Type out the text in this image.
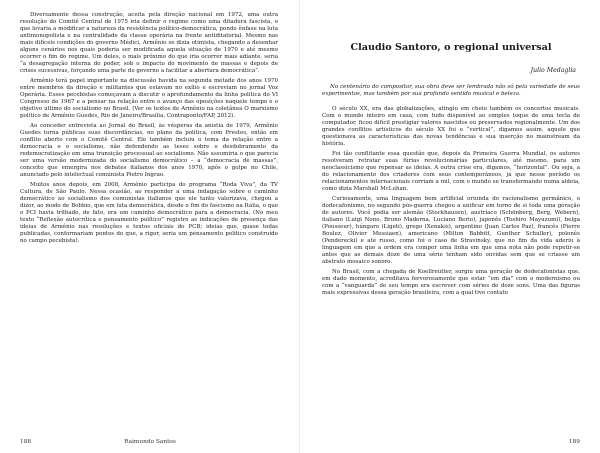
Diversamente dessa construção, aceita pela direção nacional em 1972, uma outra resolução do Comitê Central de 1975 iria definir o regime como uma ditadura fascista, o que levaria a modificar a natureza da resistência político-democrática, pondo ênfase na luta antimonopolista e na centralidade da classe operária na frente antiditatorial. Mesmo nas mais difíceis condições do governo Médici, Armênio se dizia otimista, chegando a desenhar alguns cenários nos quais poderia ser modificada aquela situação de 1970 e até mesmo ocorrer o fim do regime. Um deles, o mais próximo do que iria ocorrer mais adiante, seria “a desagregação interna do poder, sob o impacto do movimento de massas e depois de crises sucessivas, forçando uma parte do governo a facilitar a abertura democrática”.

Armênio terá papel importante na discussão havida na segunda metade dos anos 1970 entre membros da direção e militantes que estavam no exílio e escreviam no jornal Voz Operária. Esses pecebistas começavam a discutir o aprofundamento da linha política do VI Congresso de 1967 e a pensar na relação entre o avanço das oposições naquele tempo e o objetivo último do socialismo no Brasil. (Ver os textos de Armênio na coletânea O marxismo político de Armênio Guedes, Rio de Janeiro/Brasília, Contraponto/FAP, 2012).

Ao conceder entrevista ao Jornal do Brasil, às vésperas da anistia de 1979, Armênio Guedes torna públicas suas discordâncias, no plano da política, com Prestes, então em conflito aberto com o Comitê Central. Ele também incluiu o tema da relação entre a democracia e o socialismo, não defendendo as teses sobre o desdobramento da redemocratização em uma transição processual ao socialismo. Não assumiria o que parecia ser uma versão modernizada do socialismo democrático – a “democracia de massas”, conceito que emergira nos debates italianos dos anos 1970, após o golpe no Chile, anunciado pelo intelectual comunista Pietro Ingrao.

Muitos anos depois, em 2008, Armênio participa do programa “Roda Viva”, da TV Cultura, de São Paulo. Nessa ocasião, ao responder a uma indagação sobre o caminho democrático ao socialismo dos comunistas italianos que ele tanto valorizava, chegou a dizer, ao modo de Bobbio, que em luta democrática, desde o fim do fascismo na Itália, o que o PCI havia trilhado, de fato, era um caminho democrático para a democracia. (No meu texto “Reflexão autocrítica e pensamento político” registro as indicações de presença das ideias de Armênio nas resoluções e textos oficiais do PCB; ideias que, quase todas publicadas, conformariam pontos do que, a rigor, seria um pensamento político construído no campo pecebista).

188	Raimundo Santos
Claudio Santoro, o regional universal
Julio Medaglia

No centenário do compositor, sua obra deve ser lembrada não só pela variedade de seus experimentos, mas também por sua profundo sentido musical e beleza.

O século XX, era das globalizações, atingiu em cheio também os concertos musicais. Com o mundo inteiro em casa, com tudo disponível ao simples toque de uma tecla de computador, ficou difícil prestigiar valores nascidos ou preservados regionalmente. Um dos grandes conflitos artísticos do século XX foi o “vertical”, digamos assim, aquele que questionava as características das novas tendências e sua inserção no mainstream da história.

Foi tão conflitante essa questão que, depois da Primeira Guerra Mundial, os autores resolveram retratar suas fúrias revolucionárias particulares, até mesmo, para um neoclassicismo que repensar as ideias. A outra crise era, digamos, “horizontal”. Ou seja, a do relacionamento dos criadores com seus contemporâneos, já que nesse período os relacionamentos internacionais corriam a mil, com o mundo se transformando numa aldeia, como dizia Marshall McLuhan.

Curiosamente, uma linguagem bem artificial oriunda do racionalismo germânico, o dodecafonismo, no segundo pós-guerra chegou a unificar em torno de si toda uma geração de autores. Você podia ser alemão (Stockhausen), austríaco (Schönberg, Berg, Webern), italiano (Luigi Nono, Bruno Maderna, Luciano Berio), japonês (Toshiro Mayuzumi), belga (Pousseur), húngaro (Ligeti), grego (Xenakis), argentino (Juan Carlos Paz), francês (Pierre Boulez, Olivier Messiaen), americano (Milton Babbitt, Gunther Schuller), polonês (Penderecki) e até russo, como foi o caso de Stravinsky, que no fim da vida aderiu à linguagem em que a ordem era compor uma linha em que uma nota não pode repetir-se antes que as demais doze de uma série tenham sido ouvidas sem que se criasse um abstrato mosaico sonoro.

No Brasil, com a chegada de Koellreutter, surgiu uma geração de dodecafonistas que, em dado momento, acreditava fervorosamente que estar “em dia” com o modernismo ou com a “vanguarda” de seu tempo era escrever com séries de doze sons. Uma das figuras mais expressivas dessa geração brasileira, com a qual tive contato

189
